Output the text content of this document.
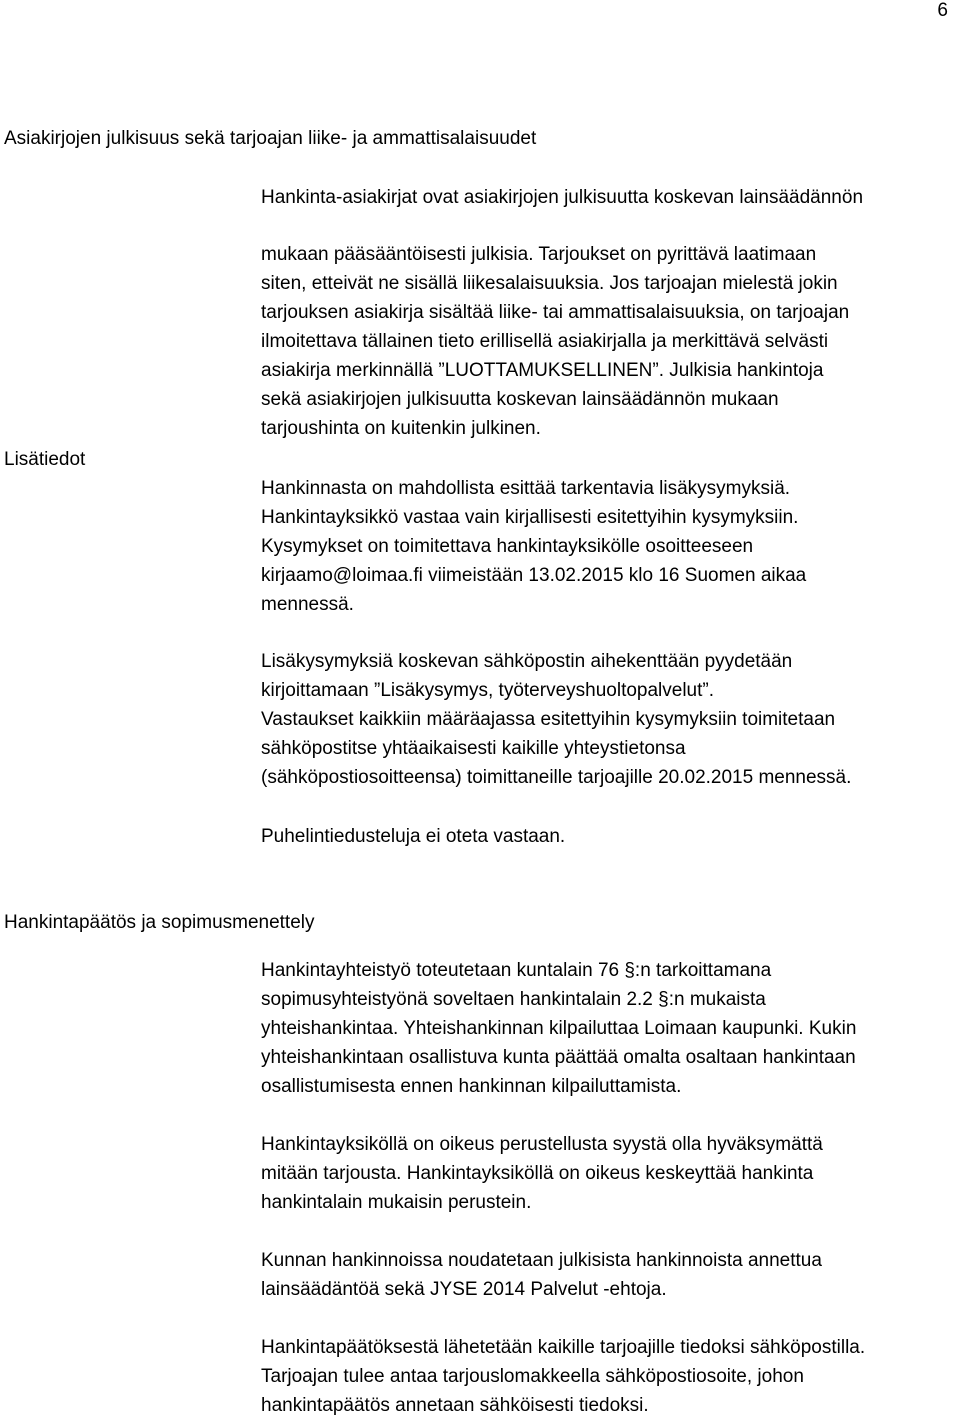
6
Asiakirjojen julkisuus sekä tarjoajan liike- ja ammattisalaisuudet
Hankinta-asiakirjat ovat asiakirjojen julkisuutta koskevan lainsäädännön
Lisätiedot
mukaan pääsääntöisesti julkisia. Tarjoukset on pyrittävä laatimaan
siten, etteivät ne sisällä liikesalaisuuksia. Jos tarjoajan mielestä jokin
tarjouksen asiakirja sisältää liike- tai ammattisalaisuuksia, on tarjoajan
ilmoitettava tällainen tieto erillisellä asiakirjalla ja merkittävä selvästi
asiakirja merkinnällä ”LUOTTAMUKSELLINEN”. Julkisia hankintoja
sekä asiakirjojen julkisuutta koskevan lainsäädännön mukaan
tarjoushinta on kuitenkin julkinen.
Hankinnasta on mahdollista esittää tarkentavia lisäkysymyksiä.
Hankintayksikkö vastaa vain kirjallisesti esitettyihin kysymyksiin.
Kysymykset on toimitettava hankintayksikölle osoitteeseen
kirjaamo@loimaa.fi viimeistään 13.02.2015 klo 16 Suomen aikaa
mennessä.
Lisäkysymyksiä koskevan sähköpostin aihekenttään pyydetään
kirjoittamaan ”Lisäkysymys, työterveyshuoltopalvelut”.
Vastaukset kaikkiin määräajassa esitettyihin kysymyksiin toimitetaan
sähköpostitse yhtäaikaisesti kaikille yhteystietonsa
(sähköpostiosoitteensa) toimittaneille tarjoajille 20.02.2015 mennessä.
Puhelintiedusteluja ei oteta vastaan.
Hankintapäätös ja sopimusmenettely
Hankintayhteistyö toteutetaan kuntalain 76 §:n tarkoittamana
sopimusyhteistyönä soveltaen hankintalain 2.2 §:n mukaista
yhteishankintaa. Yhteishankinnan kilpailuttaa Loimaan kaupunki. Kukin
yhteishankintaan osallistuva kunta päättää omalta osaltaan hankintaan
osallistumisesta ennen hankinnan kilpailuttamista.
Hankintayksiköllä on oikeus perustellusta syystä olla hyväksymättä
mitään tarjousta. Hankintayksiköllä on oikeus keskeyttää hankinta
hankintalain mukaisin perustein.
Kunnan hankinnoissa noudatetaan julkisista hankinnoista annettua
lainsäädäntöä sekä JYSE 2014 Palvelut -ehtoja.
Hankintapäätöksestä lähetetään kaikille tarjoajille tiedoksi sähköpostilla.
Tarjoajan tulee antaa tarjouslomakkeella sähköpostiosoite, johon
hankintapäätös annetaan sähköisesti tiedoksi.
